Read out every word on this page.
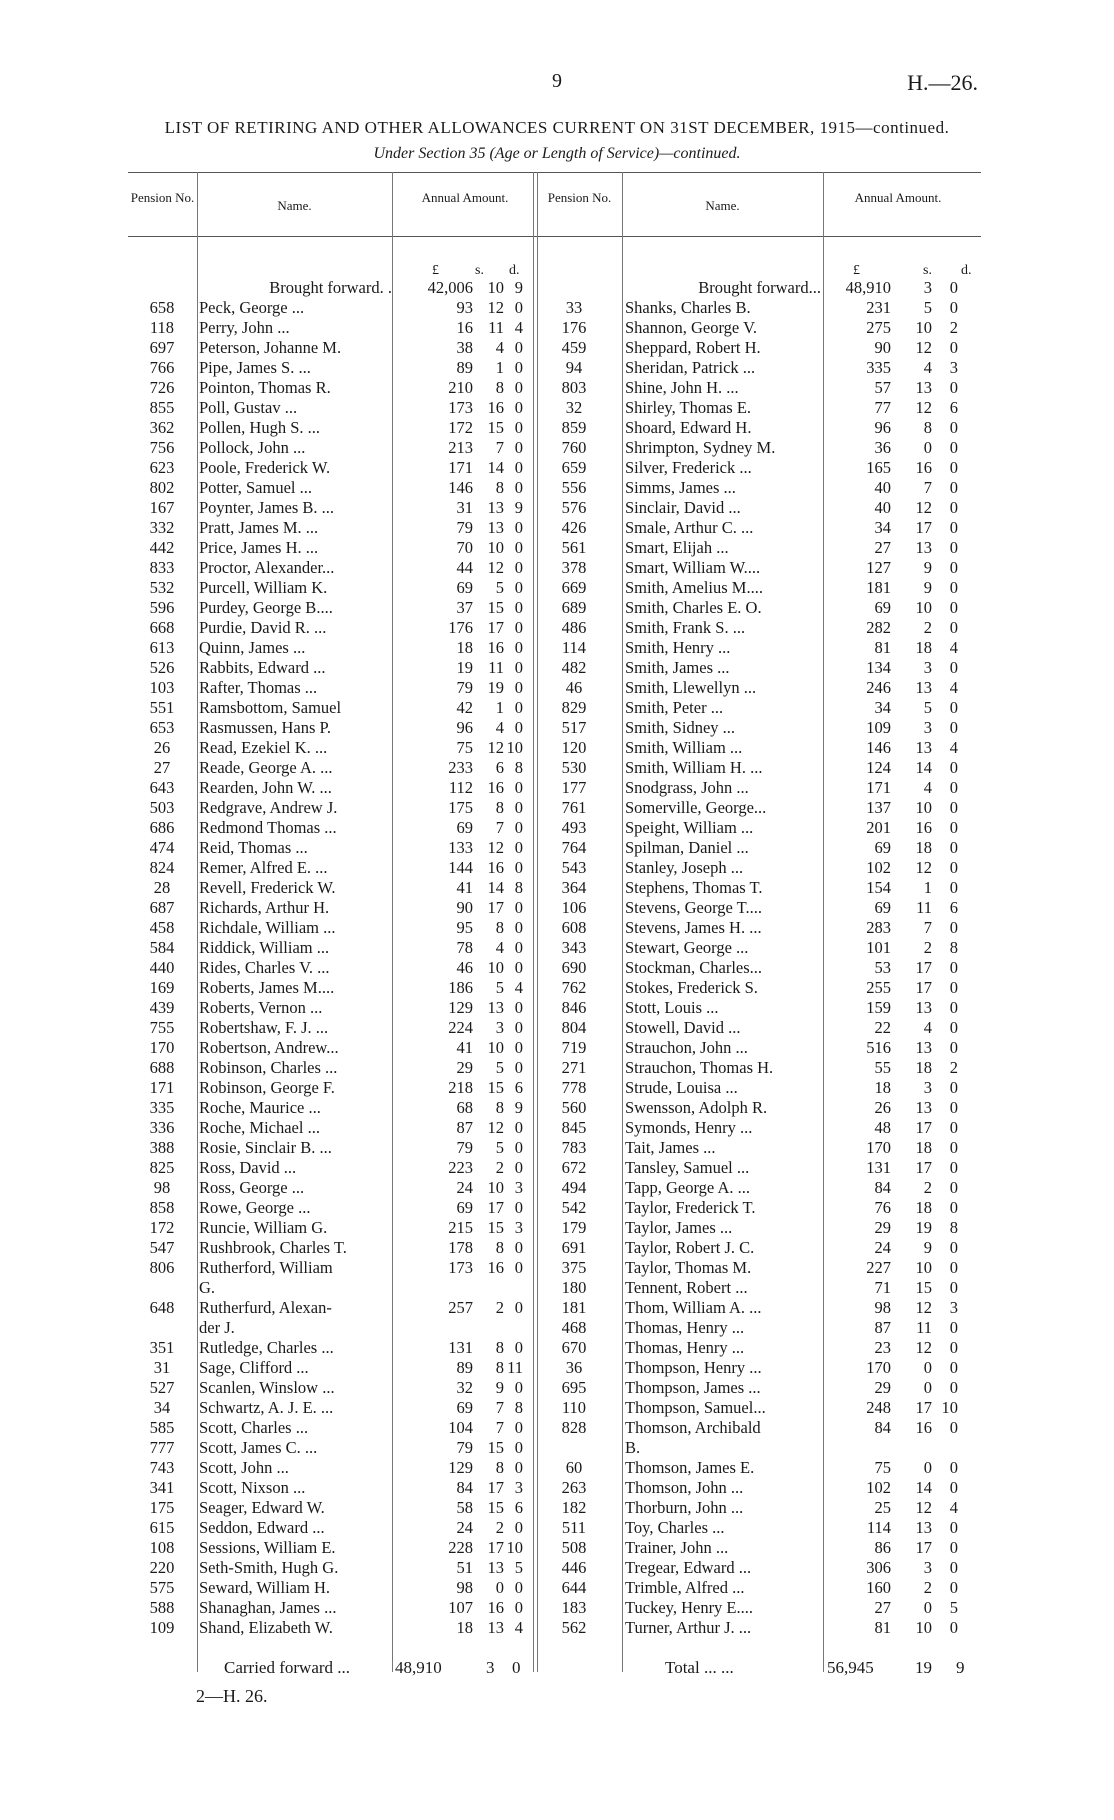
9	H.—26.
LIST OF RETIRING AND OTHER ALLOWANCES CURRENT ON 31ST DECEMBER, 1915—continued.
Under Section 35 (Age or Length of Service)—continued.
Pension No.
Name.
Annual Amount.	Pension No.
Name.
Annual Amount.
£	s. d.	£	s. d.
Brought forward. . 42,006 10 9	Brought forward... 48,910 3 0
658	Peck, George ...	93 12 0	33	Shanks, Charles B.	231 5 0
118	Perry, John ...	16 11 4	176	Shannon, George V.	275 10 2
697	Peterson, Johanne M.	38 4 0	459	Sheppard, Robert H.	90 12 0
766	Pipe, James S. ...	89 1 0	94	Sheridan, Patrick ...	335 4 3
726	Pointon, Thomas R.	210 8 0	803	Shine, John H. ...	57 13 0
855	Poll, Gustav ...	173 16 0	32	Shirley, Thomas E.	77 12 6
362	Pollen, Hugh S. ...	172 15 0	859	Shoard, Edward H.	96 8 0
756	Pollock, John ...	213 7 0	760	Shrimpton, Sydney M.	36 0 0
623	Poole, Frederick W.	171 14 0	659	Silver, Frederick ...	165 16 0
802	Potter, Samuel ...	146 8 0	556	Simms, James ...	40 7 0
167	Poynter, James B. ...	31 13 9	576	Sinclair, David ...	40 12 0
332	Pratt, James M. ...	79 13 0	426	Smale, Arthur C. ...	34 17 0
442	Price, James H. ...	70 10 0	561	Smart, Elijah ...	27 13 0
833	Proctor, Alexander...	44 12 0	378	Smart, William W....	127 9 0
532	Purcell, William K.	69 5 0	669	Smith, Amelius M....	181 9 0
596	Purdey, George B....	37 15 0	689	Smith, Charles E. O.	69 10 0
668	Purdie, David R. ...	176 17 0	486	Smith, Frank S. ...	282 2 0
613	Quinn, James ...	18 16 0	114	Smith, Henry ...	81 18 4
526	Rabbits, Edward ...	19 11 0	482	Smith, James ...	134 3 0
103	Rafter, Thomas ...	79 19 0	46	Smith, Llewellyn ...	246 13 4
551	Ramsbottom, Samuel	42 1 0	829	Smith, Peter ...	34 5 0
653	Rasmussen, Hans P.	96 4 0	517	Smith, Sidney ...	109 3 0
26	Read, Ezekiel K. ...	75 12 10	120	Smith, William ...	146 13 4
27	Reade, George A. ...	233 6 8	530	Smith, William H. ...	124 14 0
643	Rearden, John W. ...	112 16 0	177	Snodgrass, John ...	171 4 0
503	Redgrave, Andrew J.	175 8 0	761	Somerville, George...	137 10 0
686	Redmond Thomas ...	69 7 0	493	Speight, William ...	201 16 0
474	Reid, Thomas ...	133 12 0	764	Spilman, Daniel ...	69 18 0
824	Remer, Alfred E. ...	144 16 0	543	Stanley, Joseph ...	102 12 0
28	Revell, Frederick W.	41 14 8	364	Stephens, Thomas T.	154 1 0
687	Richards, Arthur H.	90 17 0	106	Stevens, George T....	69 11 6
458	Richdale, William ...	95 8 0	608	Stevens, James H. ...	283 7 0
584	Riddick, William ...	78 4 0	343	Stewart, George ...	101 2 8
440	Rides, Charles V. ...	46 10 0	690	Stockman, Charles...	53 17 0
169	Roberts, James M....	186 5 4	762	Stokes, Frederick S.	255 17 0
439	Roberts, Vernon ...	129 13 0	846	Stott, Louis ...	159 13 0
755	Robertshaw, F. J. ...	224 3 0	804	Stowell, David ...	22 4 0
170	Robertson, Andrew...	41 10 0	719	Strauchon, John ...	516 13 0
688	Robinson, Charles ...	29 5 0	271	Strauchon, Thomas H.	55 18 2
171	Robinson, George F.	218 15 6	778	Strude, Louisa ...	18 3 0
335	Roche, Maurice ...	68 8 9	560	Swensson, Adolph R.	26 13 0
336	Roche, Michael ...	87 12 0	845	Symonds, Henry ...	48 17 0
388	Rosie, Sinclair B. ...	79 5 0	783	Tait, James ...	170 18 0
825	Ross, David ...	223 2 0	672	Tansley, Samuel ...	131 17 0
98	Ross, George ...	24 10 3	494	Tapp, George A. ...	84 2 0
858	Rowe, George ...	69 17 0	542	Taylor, Frederick T.	76 18 0
172	Runcie, William G.	215 15 3	179	Taylor, James ...	29 19 8
547	Rushbrook, Charles T.	178 8 0	691	Taylor, Robert J. C.	24 9 0
806	Rutherford, William	173 16 0	375	Taylor, Thomas M.	227 10 0
G.	180	Tennent, Robert ...	71 15 0
648	Rutherfurd, Alexan-	257 2 0	181	Thom, William A. ...	98 12 3
der J.	468	Thomas, Henry ...	87 11 0
351	Rutledge, Charles ...	131 8 0	670	Thomas, Henry ...	23 12 0
31	Sage, Clifford ...	89 8 11	36	Thompson, Henry ...	170 0 0
527	Scanlen, Winslow ...	32 9 0	695	Thompson, James ...	29 0 0
34	Schwartz, A. J. E. ...	69 7 8	110	Thompson, Samuel...	248 17 10
585	Scott, Charles ...	104 7 0	828	Thomson, Archibald	84 16 0
777	Scott, James C. ...	79 15 0	B.
743	Scott, John ...	129 8 0	60	Thomson, James E.	75 0 0
341	Scott, Nixson ...	84 17 3	263	Thomson, John ...	102 14 0
175	Seager, Edward W.	58 15 6	182	Thorburn, John ...	25 12 4
615	Seddon, Edward ...	24 2 0	511	Toy, Charles ...	114 13 0
108	Sessions, William E.	228 17 10	508	Trainer, John ...	86 17 0
220	Seth-Smith, Hugh G.	51 13 5	446	Tregear, Edward ...	306 3 0
575	Seward, William H.	98 0 0	644	Trimble, Alfred ...	160 2 0
588	Shanaghan, James ...	107 16 0	183	Tuckey, Henry E....	27 0 5
109	Shand, Elizabeth W.	18 13 4	562	Turner, Arthur J. ...	81 10 0
Carried forward ...	48,910	3 0	Total ... ...	56,945 19 9
2—H. 26.
